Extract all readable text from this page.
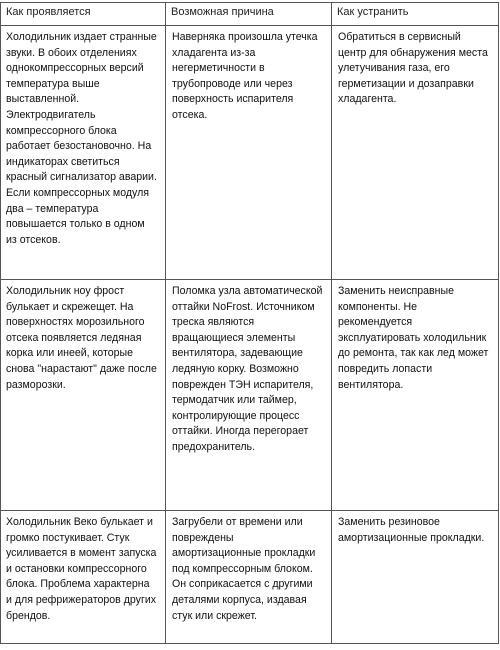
Как проявляется	Возможная причина	Как устранить

Холодильник издает странные звуки. В обоих отделениях однокомпрессорных версий температура выше выставленной. Электродвигатель компрессорного блока работает безостановочно. На индикаторах светиться красный сигнализатор аварии. Если компрессорных модуля два – температура повышается только в одном из отсеков.	Наверняка произошла утечка хладагента из-за негерметичности в трубопроводе или через поверхность испарителя отсека.	Обратиться в сервисный центр для обнаружения места улетучивания газа, его герметизации и дозаправки хладагента.

Холодильник ноу фрост булькает и скрежещет. На поверхностях морозильного отсека появляется ледяная корка или инеей, которые снова "нарастают" даже после разморозки.	Поломка узла автоматической оттайки NoFrost. Источником треска являются вращающиеся элементы вентилятора, задевающие ледяную корку. Возможно поврежден ТЭН испарителя, термодатчик или таймер, контролирующие процесс оттайки. Иногда перегорает предохранитель.	Заменить неисправные компоненты. Не рекомендуется эксплуатировать холодильник до ремонта, так как лед может повредить лопасти вентилятора.

Холодильник Веко булькает и громко постукивает. Стук усиливается в момент запуска и остановки компрессорного блока. Проблема характерна и для рефрижераторов других брендов.	Загрубели от времени или повреждены амортизационные прокладки под компрессорным блоком. Он соприкасается с другими деталями корпуса, издавая стук или скрежет.	Заменить резиновое амортизационные прокладки.
